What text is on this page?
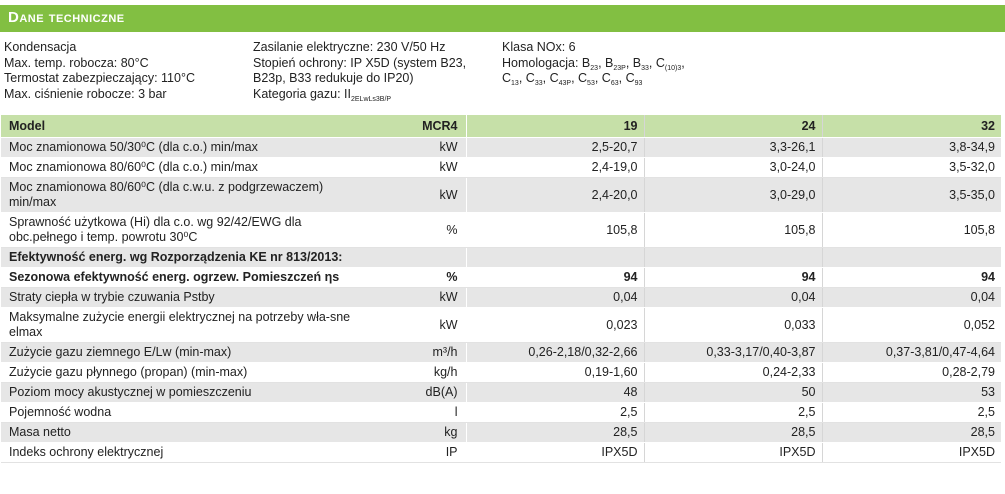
Dane techniczne
Kondensacja
Max. temp. robocza: 80°C
Termostat zabezpieczający: 110°C
Max. ciśnienie robocze: 3 bar
Zasilanie elektryczne: 230 V/50 Hz
Stopień ochrony: IP X5D (system B23,
B23p, B33 redukuje do IP20)
Kategoria gazu: $II_{2ELwLs3B/P}$
Klasa NOx: 6
Homologacja: $B_{23}$, $B_{23P}$, $B_{33}$, $C_{(10)3}$,
$C_{13}$, $C_{33}$, $C_{43P}$, $C_{53}$, $C_{63}$, $C_{93}$
Model	MCR4	19	24	32
Moc znamionowa 50/30⁰C (dla c.o.) min/max	kW	2,5-20,7	3,3-26,1	3,8-34,9
Moc znamionowa 80/60⁰C (dla c.o.) min/max	kW	2,4-19,0	3,0-24,0	3,5-32,0
Moc znamionowa 80/60⁰C (dla c.w.u. z podgrzewaczem) min/max	kW	2,4-20,0	3,0-29,0	3,5-35,0
Sprawność użytkowa (Hi) dla c.o. wg 92/42/EWG dla obc.pełnego i temp. powrotu 30⁰C	%	105,8	105,8	105,8
Efektywność energ. wg Rozporządzenia KE nr 813/2013:				
Sezonowa efektywność energ. ogrzew. Pomieszczeń ηs	%	94	94	94
Straty ciepła w trybie czuwania Pstby	kW	0,04	0,04	0,04
Maksymalne zużycie energii elektrycznej na potrzeby wła-sne elmax	kW	0,023	0,033	0,052
Zużycie gazu ziemnego E/Lw (min-max)	m³/h	0,26-2,18/0,32-2,66	0,33-3,17/0,40-3,87	0,37-3,81/0,47-4,64
Zużycie gazu płynnego (propan) (min-max)	kg/h	0,19-1,60	0,24-2,33	0,28-2,79
Poziom mocy akustycznej w pomieszczeniu	dB(A)	48	50	53
Pojemność wodna	l	2,5	2,5	2,5
Masa netto	kg	28,5	28,5	28,5
Indeks ochrony elektrycznej	IP	IPX5D	IPX5D	IPX5D
